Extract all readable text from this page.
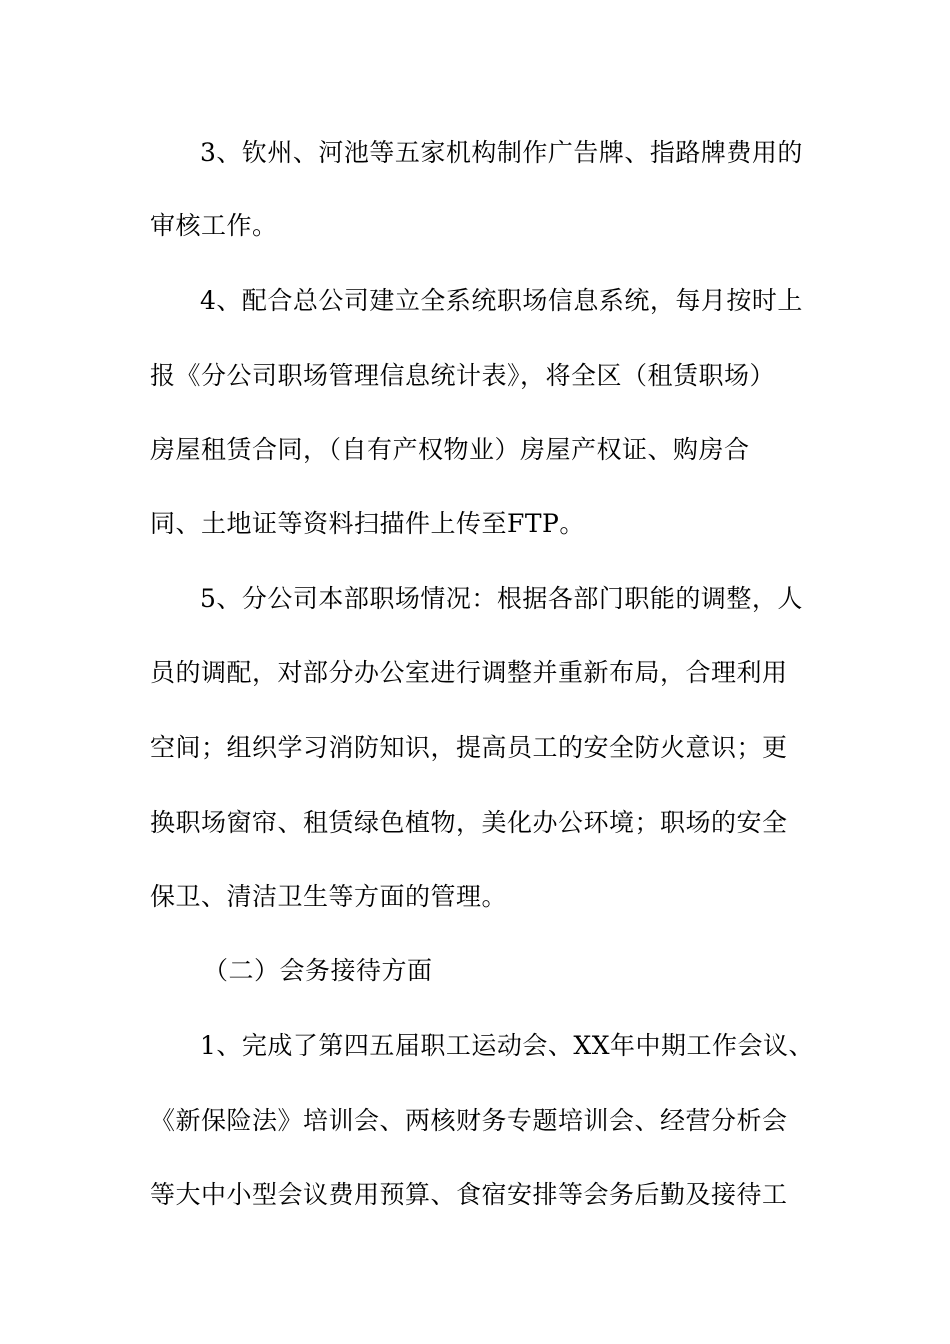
3、钦州、河池等五家机构制作广告牌、指路牌费用的
审核工作。
4、配合总公司建立全系统职场信息系统，每月按时上
报《分公司职场管理信息统计表》，将全区（租赁职场）
房屋租赁合同，（自有产权物业）房屋产权证、购房合
同、土地证等资料扫描件上传至FTP。
5、分公司本部职场情况：根据各部门职能的调整，人
员的调配，对部分办公室进行调整并重新布局，合理利用
空间；组织学习消防知识，提高员工的安全防火意识；更
换职场窗帘、租赁绿色植物，美化办公环境；职场的安全
保卫、清洁卫生等方面的管理。
（二）会务接待方面
1、完成了第四五届职工运动会、XX年中期工作会议、
《新保险法》培训会、两核财务专题培训会、经营分析会
等大中小型会议费用预算、食宿安排等会务后勤及接待工
